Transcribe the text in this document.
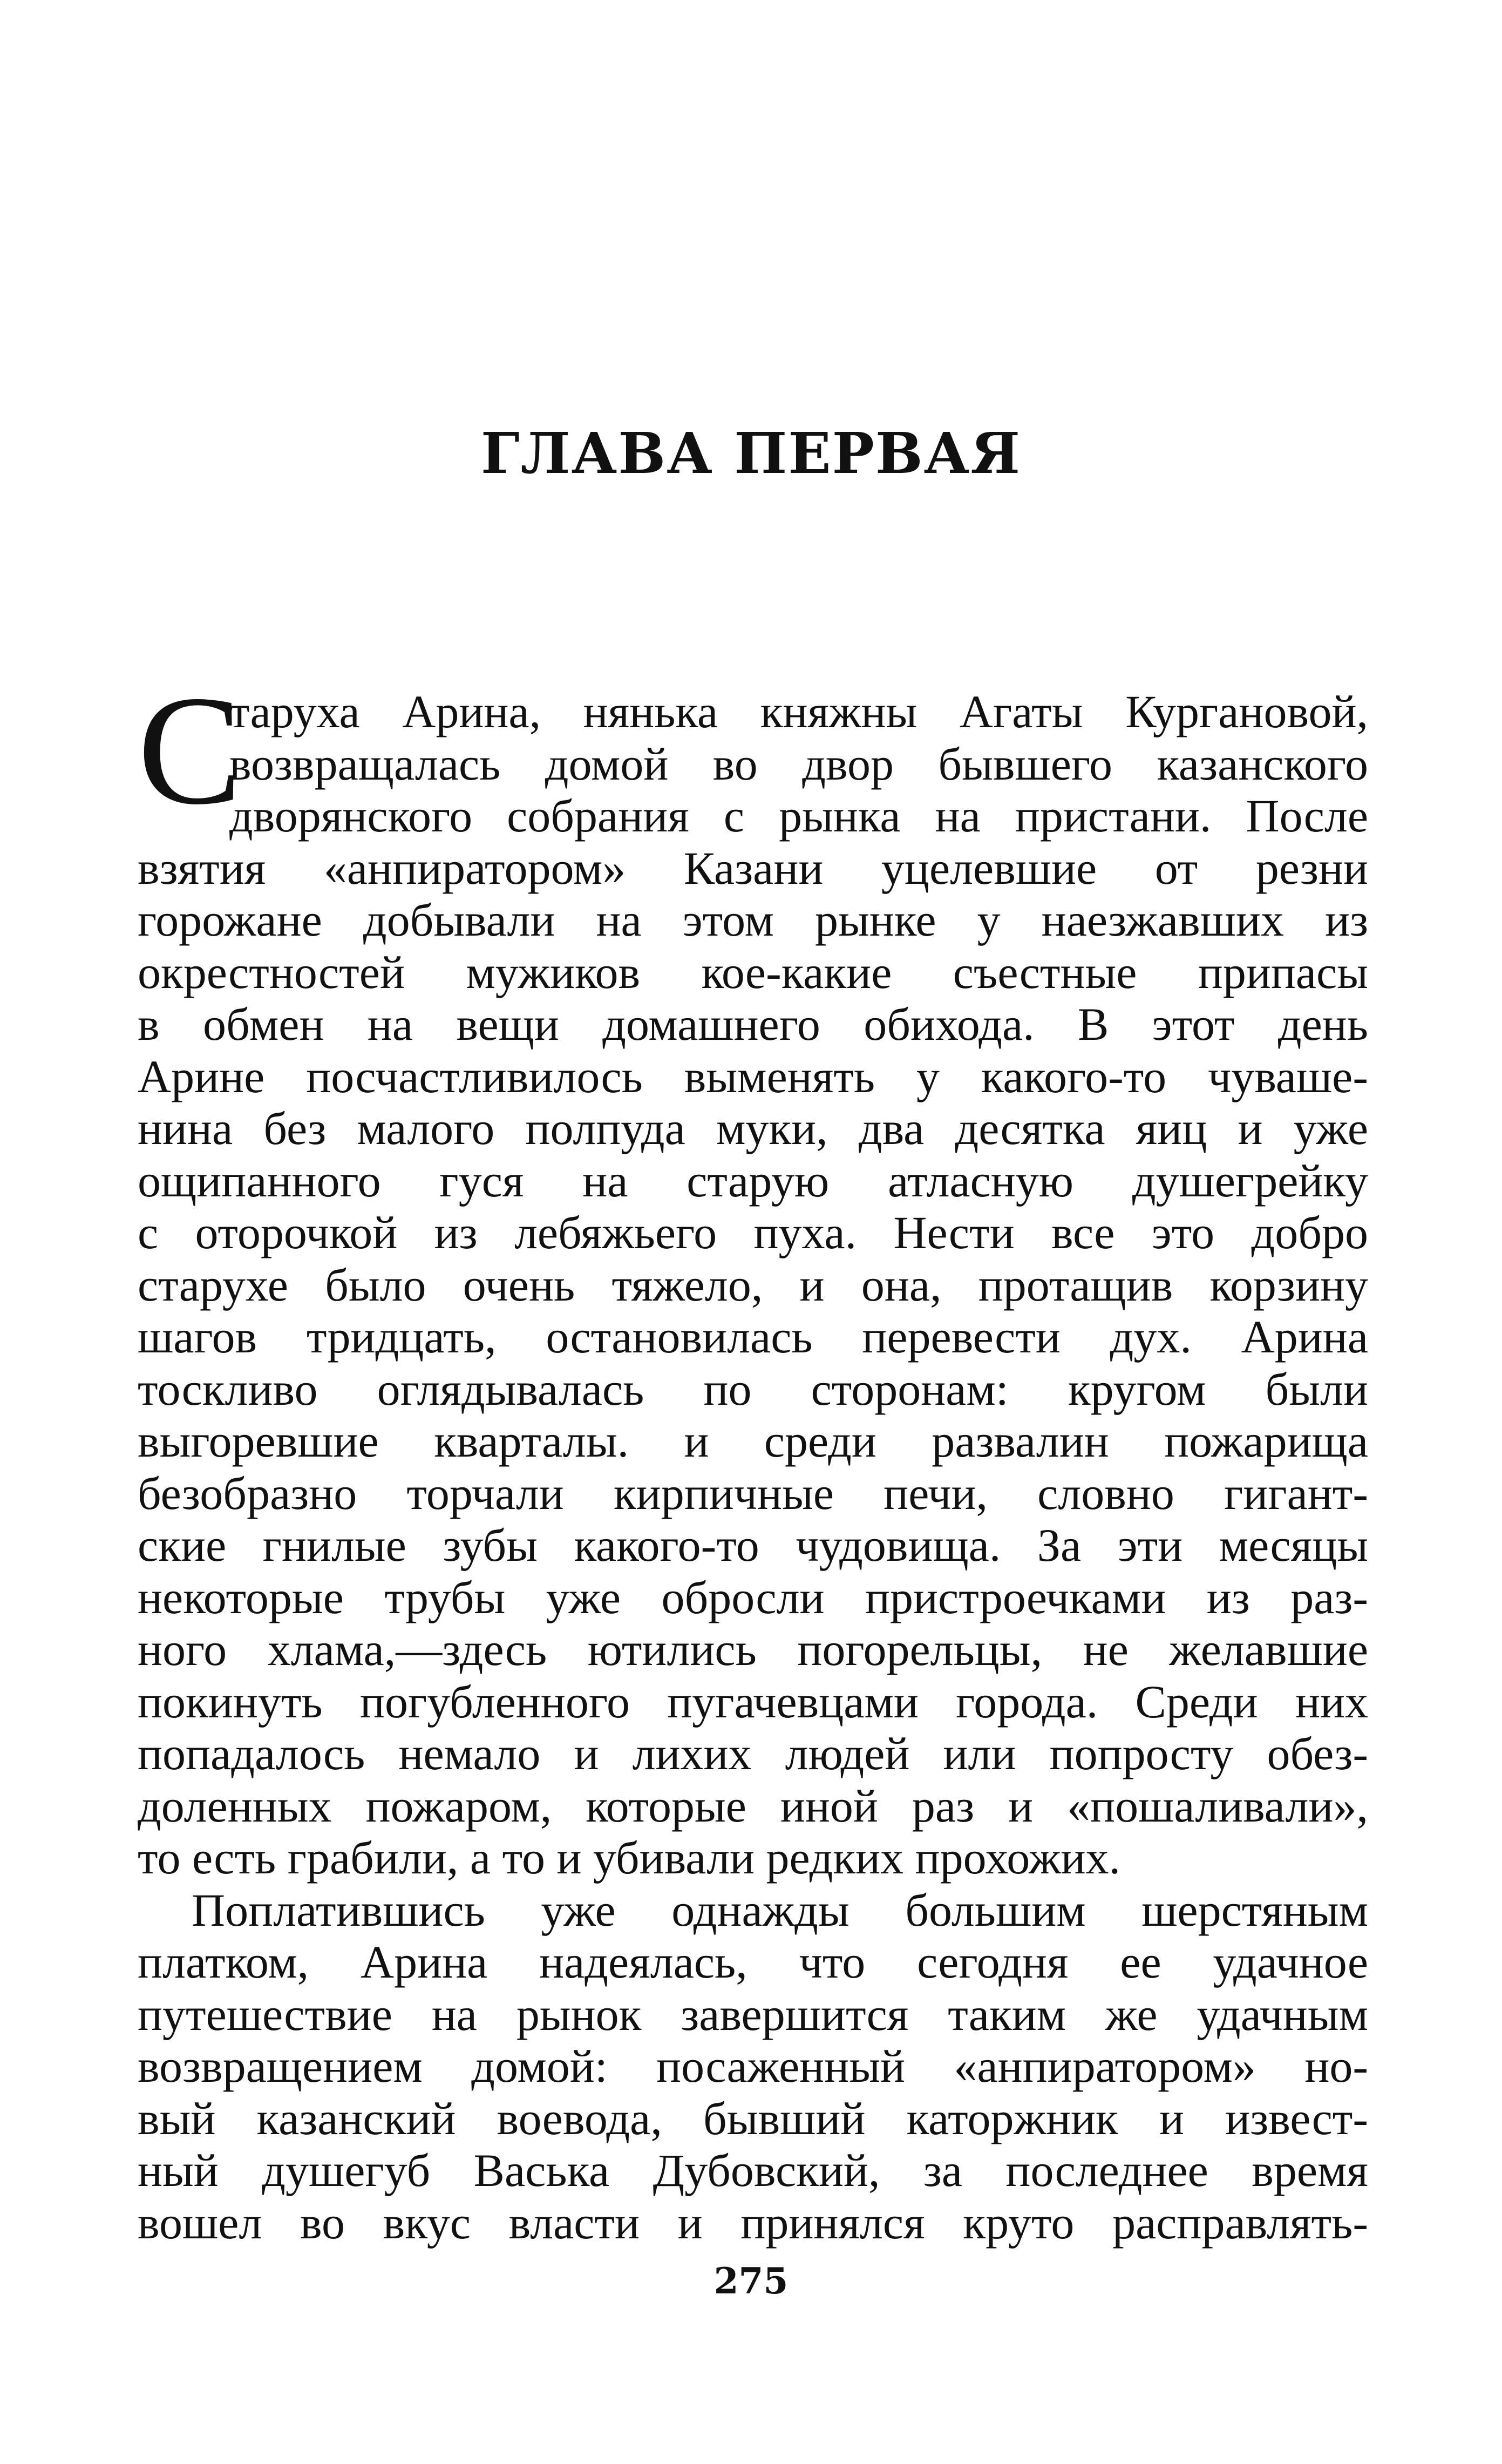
ГЛАВА ПЕРВАЯ
С
таруха Арина, нянька княжны Агаты Кургановой,
возвращалась домой во двор бывшего казанского
дворянского собрания с рынка на пристани. После
взятия «анпиратором» Казани уцелевшие от резни
горожане добывали на этом рынке у наезжавших из
окрестностей мужиков кое-какие съестные припасы
в обмен на вещи домашнего обихода. В этот день
Арине посчастливилось выменять у какого-то чуваше-
нина без малого полпуда муки, два десятка яиц и уже
ощипанного гуся на старую атласную душегрейку
с оторочкой из лебяжьего пуха. Нести все это добро
старухе было очень тяжело, и она, протащив корзину
шагов тридцать, остановилась перевести дух. Арина
тоскливо оглядывалась по сторонам: кругом были
выгоревшие кварталы. и среди развалин пожарища
безобразно торчали кирпичные печи, словно гигант-
ские гнилые зубы какого-то чудовища. За эти месяцы
некоторые трубы уже обросли пристроечками из раз-
ного хлама,—здесь ютились погорельцы, не желавшие
покинуть погубленного пугачевцами города. Среди них
попадалось немало и лихих людей или попросту обез-
доленных пожаром, которые иной раз и «пошаливали»,
то есть грабили, а то и убивали редких прохожих.
Поплатившись уже однажды большим шерстяным
платком, Арина надеялась, что сегодня ее удачное
путешествие на рынок завершится таким же удачным
возвращением домой: посаженный «анпиратором» но-
вый казанский воевода, бывший каторжник и извест-
ный душегуб Васька Дубовский, за последнее время
вошел во вкус власти и принялся круто расправлять-
275
